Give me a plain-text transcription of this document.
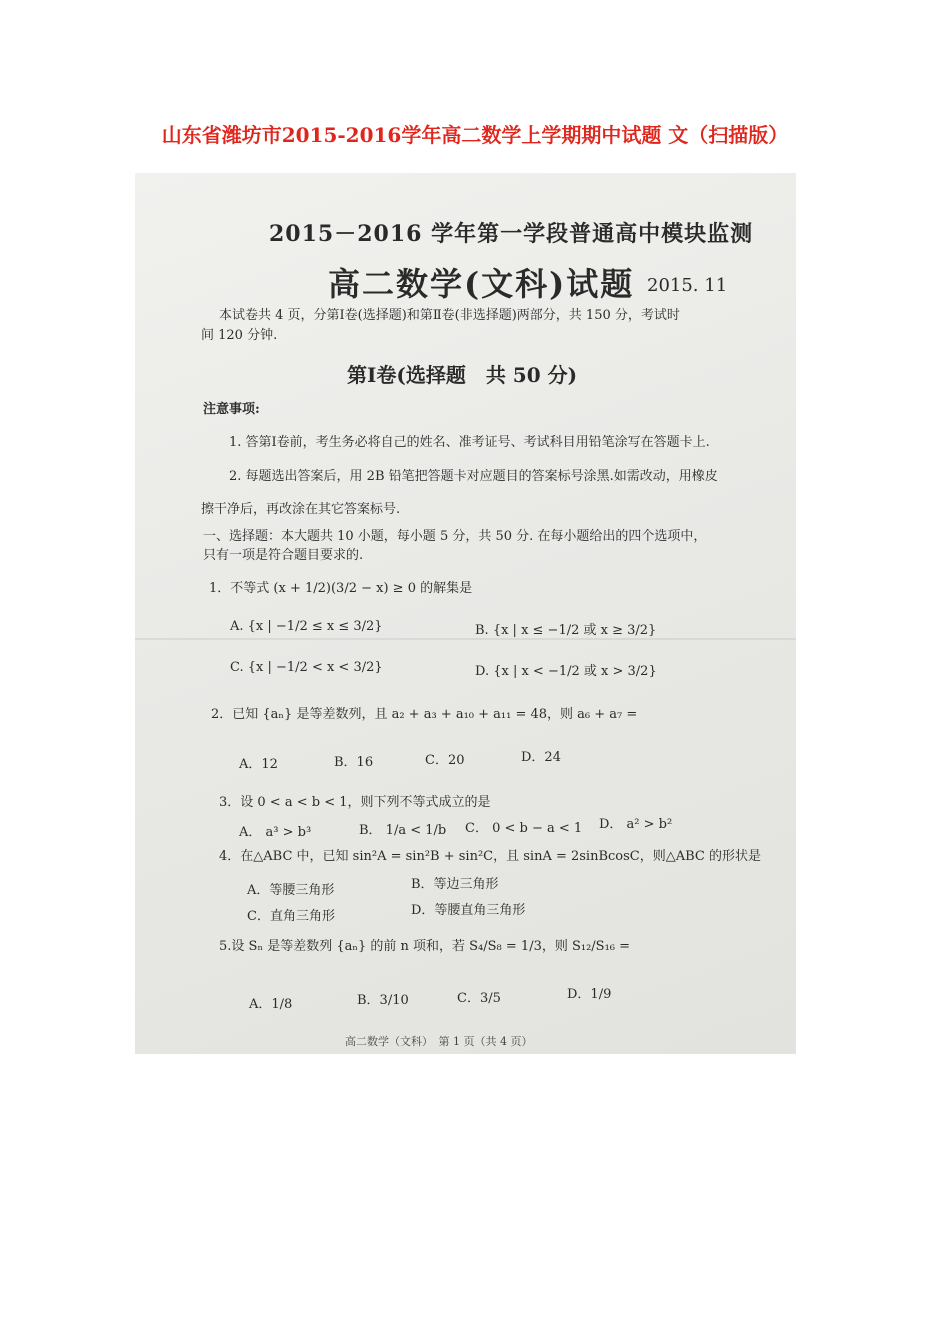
山东省潍坊市2015-2016学年高二数学上学期期中试题 文（扫描版）
2015－2016 学年第一学段普通高中模块监测
高二数学(文科)试题 2015. 11
本试卷共 4 页，分第Ⅰ卷(选择题)和第Ⅱ卷(非选择题)两部分，共 150 分，考试时
间 120 分钟.
第Ⅰ卷(选择题　共 50 分)
注意事项:
1. 答第Ⅰ卷前，考生务必将自己的姓名、准考证号、考试科目用铅笔涂写在答题卡上.
2. 每题选出答案后，用 2B 铅笔把答题卡对应题目的答案标号涂黑.如需改动，用橡皮
擦干净后，再改涂在其它答案标号.
一、选择题：本大题共 10 小题，每小题 5 分，共 50 分. 在每小题给出的四个选项中，
只有一项是符合题目要求的.
1．不等式 (x + 1/2)(3/2 − x) ≥ 0 的解集是
A. {x | −1/2 ≤ x ≤ 3/2}	B. {x | x ≤ −1/2 或 x ≥ 3/2}
C. {x | −1/2 < x < 3/2}	D. {x | x < −1/2 或 x > 3/2}
2．已知 {aₙ} 是等差数列，且 a₂ + a₃ + a₁₀ + a₁₁ = 48，则 a₆ + a₇ =
A．12	B．16	C．20	D．24
3．设 0 < a < b < 1，则下列不等式成立的是
A． a³ > b³	B． 1/a < 1/b C． 0 < b − a < 1 D． a² > b²
4．在△ABC 中，已知 sin²A = sin²B + sin²C，且 sinA = 2sinBcosC，则△ABC 的形状是
A．等腰三角形	B．等边三角形
C．直角三角形	D．等腰直角三角形
5.设 Sₙ 是等差数列 {aₙ} 的前 n 项和，若 S₄/S₈ = 1/3，则 S₁₂/S₁₆ =
A．1/8	B．3/10	C．3/5	D．1/9
高二数学（文科）　第 1 页（共 4 页）
